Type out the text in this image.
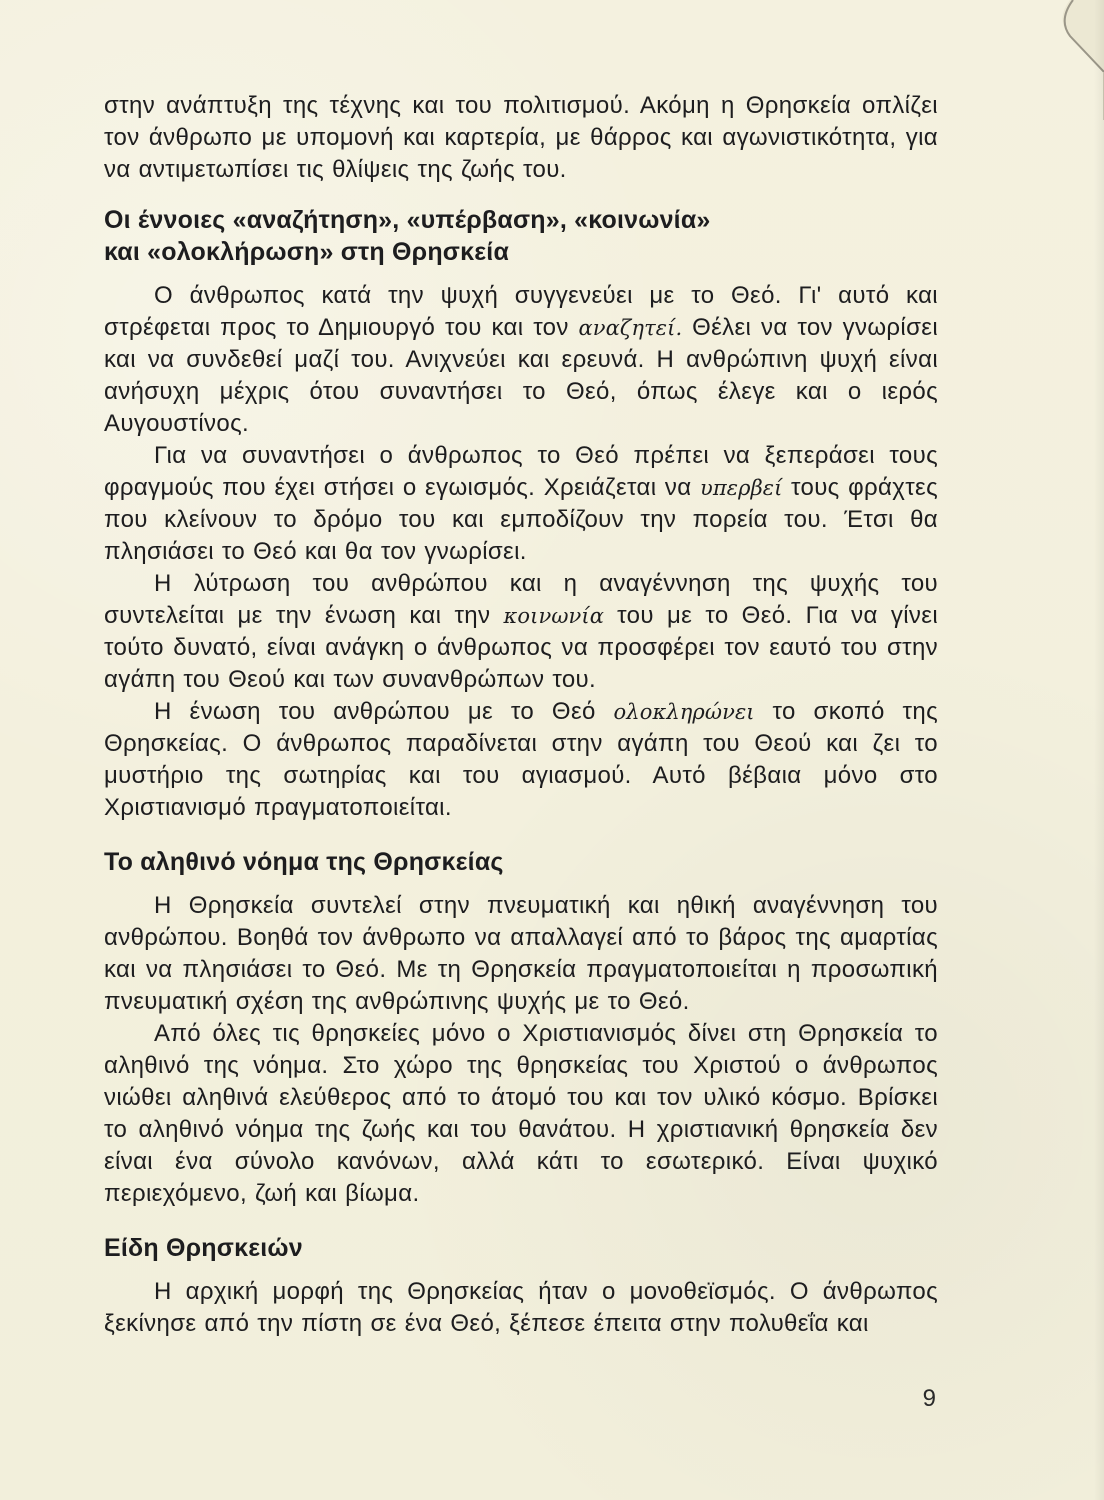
στην ανάπτυξη της τέχνης και του πολιτισμού. Ακόμη η Θρησκεία οπλίζει τον άνθρωπο με υπομονή και καρτερία, με θάρρος και αγωνιστικότητα, για να αντιμετωπίσει τις θλίψεις της ζωής του.

Οι έννοιες «αναζήτηση», «υπέρβαση», «κοινωνία»
και «ολοκλήρωση» στη Θρησκεία

Ο άνθρωπος κατά την ψυχή συγγενεύει με το Θεό. Γι' αυτό και στρέφεται προς το Δημιουργό του και τον αναζητεί. Θέλει να τον γνωρίσει και να συνδεθεί μαζί του. Ανιχνεύει και ερευνά. Η ανθρώπινη ψυχή είναι ανήσυχη μέχρις ότου συναντήσει το Θεό, όπως έλεγε και ο ιερός Αυγουστίνος.

Για να συναντήσει ο άνθρωπος το Θεό πρέπει να ξεπεράσει τους φραγμούς που έχει στήσει ο εγωισμός. Χρειάζεται να υπερβεί τους φράχτες που κλείνουν το δρόμο του και εμποδίζουν την πορεία του. Έτσι θα πλησιάσει το Θεό και θα τον γνωρίσει.

Η λύτρωση του ανθρώπου και η αναγέννηση της ψυχής του συντελείται με την ένωση και την κοινωνία του με το Θεό. Για να γίνει τούτο δυνατό, είναι ανάγκη ο άνθρωπος να προσφέρει τον εαυτό του στην αγάπη του Θεού και των συνανθρώπων του.

Η ένωση του ανθρώπου με το Θεό ολοκληρώνει το σκοπό της Θρησκείας. Ο άνθρωπος παραδίνεται στην αγάπη του Θεού και ζει το μυστήριο της σωτηρίας και του αγιασμού. Αυτό βέβαια μόνο στο Χριστιανισμό πραγματοποιείται.

Το αληθινό νόημα της Θρησκείας

Η Θρησκεία συντελεί στην πνευματική και ηθική αναγέννηση του ανθρώπου. Βοηθά τον άνθρωπο να απαλλαγεί από το βάρος της αμαρτίας και να πλησιάσει το Θεό. Με τη Θρησκεία πραγματοποιείται η προσωπική πνευματική σχέση της ανθρώπινης ψυχής με το Θεό.

Από όλες τις θρησκείες μόνο ο Χριστιανισμός δίνει στη Θρησκεία το αληθινό της νόημα. Στο χώρο της θρησκείας του Χριστού ο άνθρωπος νιώθει αληθινά ελεύθερος από το άτομό του και τον υλικό κόσμο. Βρίσκει το αληθινό νόημα της ζωής και του θανάτου. Η χριστιανική θρησκεία δεν είναι ένα σύνολο κανόνων, αλλά κάτι το εσωτερικό. Είναι ψυχικό περιεχόμενο, ζωή και βίωμα.

Είδη Θρησκειών

Η αρχική μορφή της Θρησκείας ήταν ο μονοθεϊσμός. Ο άνθρωπος ξεκίνησε από την πίστη σε ένα Θεό, ξέπεσε έπειτα στην πολυθεΐα και

9
